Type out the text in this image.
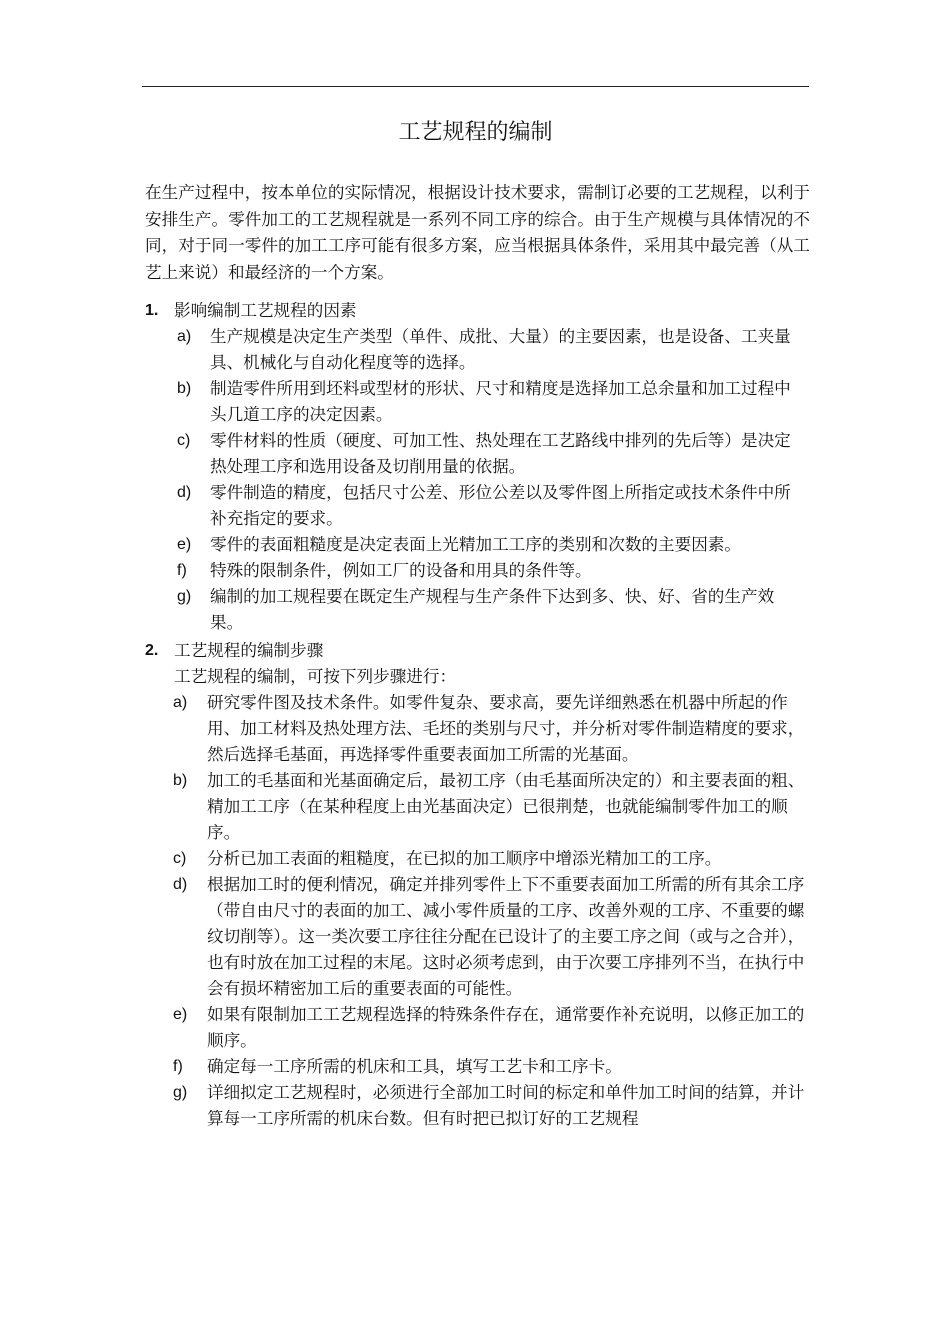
工艺规程的编制
在生产过程中，按本单位的实际情况，根据设计技术要求，需制订必要的工艺规程，以利于安排生产。零件加工的工艺规程就是一系列不同工序的综合。由于生产规模与具体情况的不同，对于同一零件的加工工序可能有很多方案，应当根据具体条件，采用其中最完善（从工艺上来说）和最经济的一个方案。
1. 影响编制工艺规程的因素
a) 生产规模是决定生产类型（单件、成批、大量）的主要因素，也是设备、工夹量具、机械化与自动化程度等的选择。
b) 制造零件所用到坯料或型材的形状、尺寸和精度是选择加工总余量和加工过程中头几道工序的决定因素。
c) 零件材料的性质（硬度、可加工性、热处理在工艺路线中排列的先后等）是决定热处理工序和选用设备及切削用量的依据。
d) 零件制造的精度，包括尺寸公差、形位公差以及零件图上所指定或技术条件中所补充指定的要求。
e) 零件的表面粗糙度是决定表面上光精加工工序的类别和次数的主要因素。
f) 特殊的限制条件，例如工厂的设备和用具的条件等。
g) 编制的加工规程要在既定生产规程与生产条件下达到多、快、好、省的生产效果。
2. 工艺规程的编制步骤
工艺规程的编制，可按下列步骤进行：
a) 研究零件图及技术条件。如零件复杂、要求高，要先详细熟悉在机器中所起的作用、加工材料及热处理方法、毛坯的类别与尺寸，并分析对零件制造精度的要求，然后选择毛基面，再选择零件重要表面加工所需的光基面。
b) 加工的毛基面和光基面确定后，最初工序（由毛基面所决定的）和主要表面的粗、精加工工序（在某种程度上由光基面决定）已很荆楚，也就能编制零件加工的顺序。
c) 分析已加工表面的粗糙度，在已拟的加工顺序中增添光精加工的工序。
d) 根据加工时的便利情况，确定并排列零件上下不重要表面加工所需的所有其余工序（带自由尺寸的表面的加工、减小零件质量的工序、改善外观的工序、不重要的螺纹切削等）。这一类次要工序往往分配在已设计了的主要工序之间（或与之合并），也有时放在加工过程的末尾。这时必须考虑到，由于次要工序排列不当，在执行中会有损坏精密加工后的重要表面的可能性。
e) 如果有限制加工工艺规程选择的特殊条件存在，通常要作补充说明，以修正加工的顺序。
f) 确定每一工序所需的机床和工具，填写工艺卡和工序卡。
g) 详细拟定工艺规程时，必须进行全部加工时间的标定和单件加工时间的结算，并计算每一工序所需的机床台数。但有时把已拟订好的工艺规程
